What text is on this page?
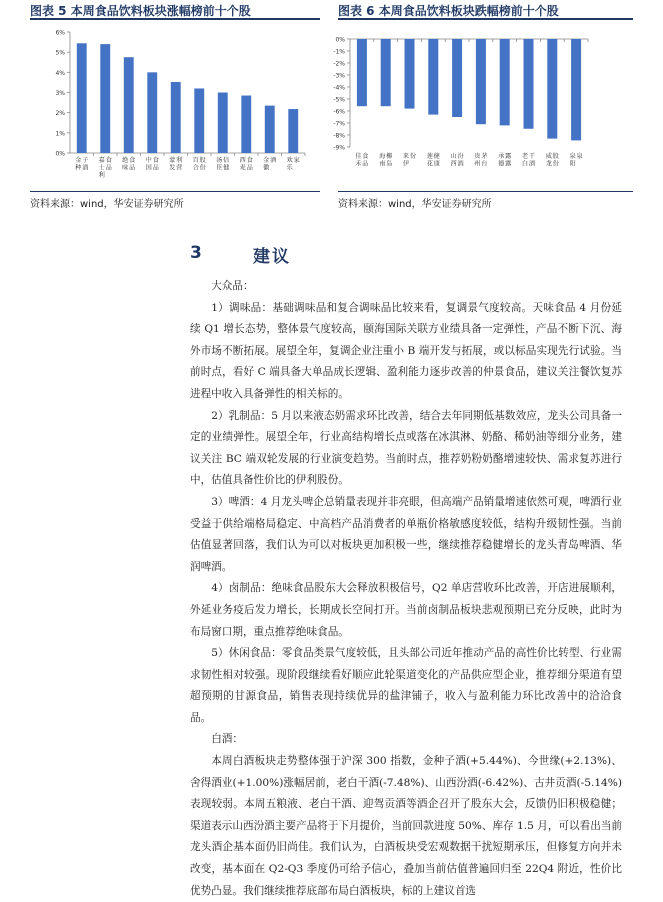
图表 5 本周食品饮料板块涨幅榜前十个股
0%
1%
2%
3%
4%
5%
6%
金种子酒
嘉士利食品
绝味食品
中国食品
蒙发利营
百合股份
汤臣倍健
西麦食品
金徽酒 欢乐家
资料来源：wind，华安证券研究所
图表 6 本周食品饮料板块跌幅榜前十个股
0%
-1%
-2%
-3%
-4%
-5%
-6%
-7%
-8%
-9%
佳禾食品
海南椰岛
来伊份 莲花健康
山西汾酒
贵州茅台
承德露露
老白干酒
威龙股份
泉阳泉
资料来源：wind，华安证券研究所
3	建议

大众品：

1）调味品：基础调味品和复合调味品比较来看，复调景气度较高。天味食品 4 月份延续 Q1 增长态势，整体景气度较高，颐海国际关联方业绩具备一定弹性，产品不断下沉、海外市场不断拓展。展望全年，复调企业注重小 B 端开发与拓展，或以标品实现先行试验。当前时点，看好 C 端具备大单品成长逻辑、盈利能力逐步改善的仲景食品，建议关注餐饮复苏进程中收入具备弹性的相关标的。

2）乳制品：5 月以来液态奶需求环比改善，结合去年同期低基数效应，龙头公司具备一定的业绩弹性。展望全年，行业高结构增长点或落在冰淇淋、奶酪、稀奶油等细分业务，建议关注 BC 端双轮发展的行业演变趋势。当前时点，推荐奶粉奶酪增速较快、需求复苏进行中，估值具备性价比的伊利股份。

3）啤酒：4 月龙头啤企总销量表现并非亮眼，但高端产品销量增速依然可观，啤酒行业受益于供给端格局稳定、中高档产品消费者的单瓶价格敏感度较低，结构升级韧性强。当前估值显著回落，我们认为可以对板块更加积极一些，继续推荐稳健增长的龙头青岛啤酒、华润啤酒。

4）卤制品：绝味食品股东大会释放积极信号，Q2 单店营收环比改善，开店进展顺利，外延业务疫后发力增长，长期成长空间打开。当前卤制品板块悲观预期已充分反映，此时为布局窗口期，重点推荐绝味食品。

5）休闲食品：零食品类景气度较低，且头部公司近年推动产品的高性价比转型、行业需求韧性相对较强。现阶段继续看好顺应此轮渠道变化的产品供应型企业，推荐细分渠道有望超预期的甘源食品，销售表现持续优异的盐津铺子，收入与盈利能力环比改善中的洽洽食品。

白酒：

本周白酒板块走势整体强于沪深 300 指数，金种子酒(+5.44%)、今世缘(+2.13%)、舍得酒业(+1.00%)涨幅居前，老白干酒(-7.48%)、山西汾酒(-6.42%)、古井贡酒(-5.14%)表现较弱。本周五粮液、老白干酒、迎驾贡酒等酒企召开了股东大会，反馈仍旧积极稳健；渠道表示山西汾酒主要产品将于下月提价，当前回款进度 50%、库存 1.5 月，可以看出当前龙头酒企基本面仍旧尚佳。我们认为，白酒板块受宏观数据干扰短期承压，但修复方向并未改变，基本面在 Q2-Q3 季度仍可给予信心，叠加当前估值普遍回归至 22Q4 附近，性价比优势凸显。我们继续推荐底部布局白酒板块，标的上建议首选
